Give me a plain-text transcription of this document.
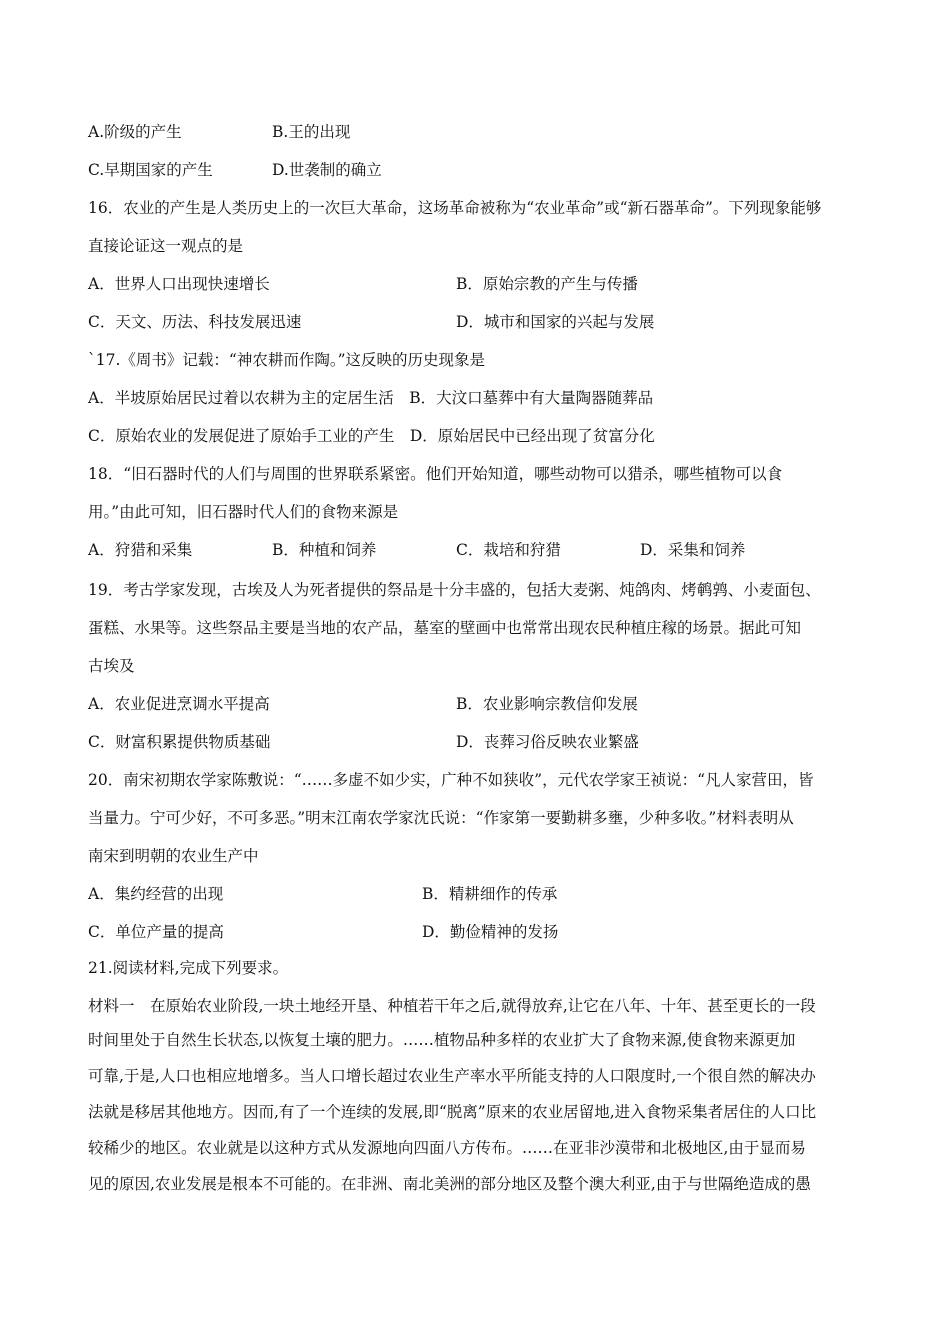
A.阶级的产生	B.王的出现
C.早期国家的产生	D.世袭制的确立
16．农业的产生是人类历史上的一次巨大革命，这场革命被称为“农业革命”或“新石器革命”。下列现象能够
直接论证这一观点的是
A．世界人口出现快速增长	B．原始宗教的产生与传播
C．天文、历法、科技发展迅速	D．城市和国家的兴起与发展
`17.《周书》记载：“神农耕而作陶。”这反映的历史现象是
A．半坡原始居民过着以农耕为主的定居生活　B．大汶口墓葬中有大量陶器随葬品
C．原始农业的发展促进了原始手工业的产生　D．原始居民中已经出现了贫富分化
18．“旧石器时代的人们与周围的世界联系紧密。他们开始知道，哪些动物可以猎杀，哪些植物可以食
用。”由此可知，旧石器时代人们的食物来源是
A．狩猎和采集	B．种植和饲养	C．栽培和狩猎	D．采集和饲养
19．考古学家发现，古埃及人为死者提供的祭品是十分丰盛的，包括大麦粥、炖鸽肉、烤鹌鹑、小麦面包、
蛋糕、水果等。这些祭品主要是当地的农产品，墓室的壁画中也常常出现农民种植庄稼的场景。据此可知
古埃及
A．农业促进烹调水平提高	B．农业影响宗教信仰发展
C．财富积累提供物质基础	D．丧葬习俗反映农业繁盛
20．南宋初期农学家陈敷说：“……多虚不如少实，广种不如狭收”，元代农学家王祯说：“凡人家营田，皆
当量力。宁可少好，不可多恶。”明末江南农学家沈氏说：“作家第一要勤耕多壅，少种多收。”材料表明从
南宋到明朝的农业生产中
A．集约经营的出现	B．精耕细作的传承
C．单位产量的提高	D．勤俭精神的发扬
21.阅读材料,完成下列要求。
材料一　在原始农业阶段,一块土地经开垦、种植若干年之后,就得放弃,让它在八年、十年、甚至更长的一段
时间里处于自然生长状态,以恢复土壤的肥力。……植物品种多样的农业扩大了食物来源,使食物来源更加
可靠,于是,人口也相应地增多。当人口增长超过农业生产率水平所能支持的人口限度时,一个很自然的解决办
法就是移居其他地方。因而,有了一个连续的发展,即“脱离”原来的农业居留地,进入食物采集者居住的人口比
较稀少的地区。农业就是以这种方式从发源地向四面八方传布。……在亚非沙漠带和北极地区,由于显而易
见的原因,农业发展是根本不可能的。在非洲、南北美洲的部分地区及整个澳大利亚,由于与世隔绝造成的愚
